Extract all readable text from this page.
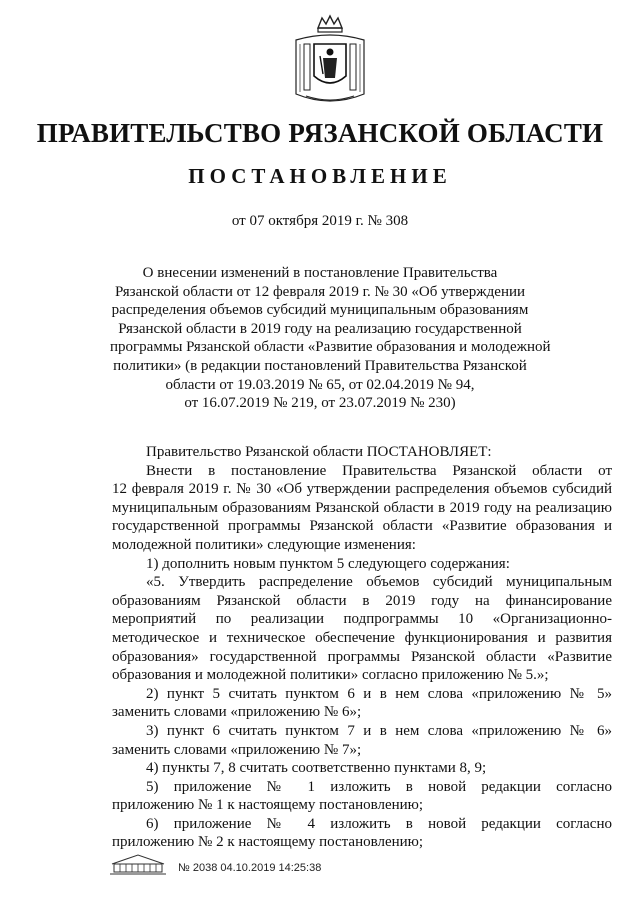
ПРАВИТЕЛЬСТВО РЯЗАНСКОЙ ОБЛАСТИ
ПОСТАНОВЛЕНИЕ
от 07 октября 2019 г. № 308
О внесении изменений в постановление Правительства
Рязанской области от 12 февраля 2019 г. № 30 «Об утверждении
распределения объемов субсидий муниципальным образованиям
Рязанской области в 2019 году на реализацию государственной
программы Рязанской области «Развитие образования и молодежной
политики» (в редакции постановлений Правительства Рязанской
области от 19.03.2019 № 65, от 02.04.2019 № 94,
от 16.07.2019 № 219, от 23.07.2019 № 230)
Правительство Рязанской области ПОСТАНОВЛЯЕТ:
Внести в постановление Правительства Рязанской области от
12 февраля 2019 г. № 30 «Об утверждении распределения объемов субсидий
муниципальным образованиям Рязанской области в 2019 году на реализацию
государственной программы Рязанской области «Развитие образования и
молодежной политики» следующие изменения:
1) дополнить новым пунктом 5 следующего содержания:
«5. Утвердить распределение объемов субсидий муниципальным
образованиям Рязанской области в 2019 году на финансирование
мероприятий по реализации подпрограммы 10 «Организационно-
методическое и техническое обеспечение функционирования и развития
образования» государственной программы Рязанской области «Развитие
образования и молодежной политики» согласно приложению № 5.»;
2) пункт 5 считать пунктом 6 и в нем слова «приложению № 5»
заменить словами «приложению № 6»;
3) пункт 6 считать пунктом 7 и в нем слова «приложению № 6»
заменить словами «приложению № 7»;
4) пункты 7, 8 считать соответственно пунктами 8, 9;
5) приложение № 1 изложить в новой редакции согласно
приложению № 1 к настоящему постановлению;
6) приложение № 4 изложить в новой редакции согласно
приложению № 2 к настоящему постановлению;
№ 2038 04.10.2019 14:25:38
